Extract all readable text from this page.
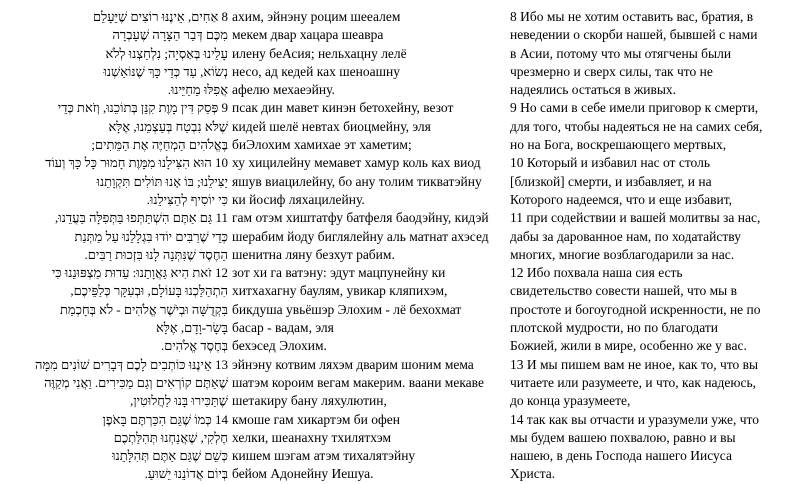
8 אַחִים, אֵינֶנּוּ רוֹצִים שֶׁיֵּעָלֵם
מִכֶּם דְּבַר הַצָּרָה שֶׁעָבְרָה
עָלֵינוּ בְּאַסְיָה; נִלְחַצְנוּ לְלֹא
נְשׂוֹא, עַד כְּדֵי כָּךְ שֶׁנּוֹאַשְׁנוּ
אֲפִלּוּ מֵחַיֵּינוּ.
9 פְּסַק דִּין מָוֶת קִנֵּן בְּתוֹכֵנוּ, וְזֹאת כְּדֵי
שֶׁלֹּא נִבְטַח בְּעַצְמֵנוּ, אֶלָּא
בֶּאֱלֹהִים הַמְחַיֶּה אֶת הַמֵּתִים;
10 הוּא הִצִּילָנוּ מִמָּוֶת חָמוּר כָּל כָּךְ וְעוֹד
יַצִּילֵנוּ; בּוֹ אָנוּ תּוֹלִים תִּקְוָתֵנוּ
כִּי יוֹסִיף לְהַצִּילֵנוּ.
11 גַּם אַתֶּם הִשְׁתַּתְּפוּ בַּתְּפִלָּה בַּעֲדֵנוּ,
כְּדֵי שֶׁרַבִּים יוֹדוּ בִּגְלָלֵנוּ עַל מַתְּנַת
הַחֶסֶד שֶׁנִּתְּנָה לָנוּ בִּזְכוּת רַבִּים.
12 זֹאת הִיא גַּאֲוָתֵנוּ: עֵדוּת מַצְפּוּנֵנוּ כִּי
הִתְהַלַּכְנוּ בָּעוֹלָם, וּבְעִקָּר כְּלַפֵּיכֶם,
בִּקְדֻשָּׁה וּבְיֹשֶׁר אֱלֹהִים - לֹא בְּחָכְמַת
בָּשָׂר-וָדָם, אֶלָּא
בְּחֶסֶד אֱלֹהִים.
13 אֵינֶנּוּ כּוֹתְבִים לָכֶם דְּבָרִים שׁוֹנִים מִמָּה
שֶׁאַתֶּם קוֹרְאִים וְגַם מַכִּירִים. וַאֲנִי מְקַוֶּה
שֶׁתַּכִּירוּ בָּנוּ לַחֲלוּטִין,
14 כְּמוֹ שֶׁגַּם הִכַּרְתֶּם בָּאֹפֶן
חֶלְקִי, שֶׁאֲנַחְנוּ תְּהִלַּתְכֶם
כְּשֵׁם שֶׁגַּם אַתֶּם תְּהִלָּתֵנוּ
בְּיוֹם אֲדוֹנֵנוּ יֵשׁוּעַ.
ахим, эйнэну роцим шееалем
мекем двар хацара шеавра
илену беАсия; нельхацну лелё
несо, ад кедей ках шеноашну
афелю мехаеэйну.
псак дин мавет кинэн бетохейну, везот
кидей шелё невтах биоцмейну, эля
биЭлохим хамихае эт хаметим;
ху хицилейну мемавет хамур коль ках виод
яшув виацилейну, бо ану толим тикватэйну
ки йосиф ляхацилейну.
гам отэм хиштатфу батфеля баодэйну, кидэй
шерабим йоду биглялейну аль матнат ахэсед
шенитна ляну безхут рабим.
зот хи га ватэну: эдут мацпунейну ки
хитхахагну баулям, увикар кляпихэм,
бикдуша увьёшэр Элохим - лё бехохмат
басар - вадам, эля
бехэсед Элохим.
эйнэну котвим ляхэм дварим шоним мема
шатэм короим вегам макерим. ваани мекаве
шетакиру бану ляхулютин,
кмоше гам хикартэм би офен
хелки, шеанахну тхилятхэм
кишем шэгам атэм тихалятэйну
бейом Адонейну Иешуа.
8 Ибо мы не хотим оставить вас, братия, в
неведении о скорби нашей, бывшей с нами
в Асии, потому что мы отягчены были
чрезмерно и сверх силы, так что не
надеялись остаться в живых.
9 Но сами в себе имели приговор к смерти,
для того, чтобы надеяться не на самих себя,
но на Бога, воскрешающего мертвых,
10 Который и избавил нас от столь
[близкой] смерти, и избавляет, и на
Которого надеемся, что и еще избавит,
11 при содействии и вашей молитвы за нас,
дабы за дарованное нам, по ходатайству
многих, многие возблагодарили за нас.
12 Ибо похвала наша сия есть
свидетельство совести нашей, что мы в
простоте и богоугодной искренности, не по
плотской мудрости, но по благодати
Божией, жили в мире, особенно же у вас.
13 И мы пишем вам не иное, как то, что вы
читаете или разумеете, и что, как надеюсь,
до конца уразумеете,
14 так как вы отчасти и уразумели уже, что
мы будем вашею похвалою, равно и вы
нашею, в день Господа нашего Иисуса
Христа.
